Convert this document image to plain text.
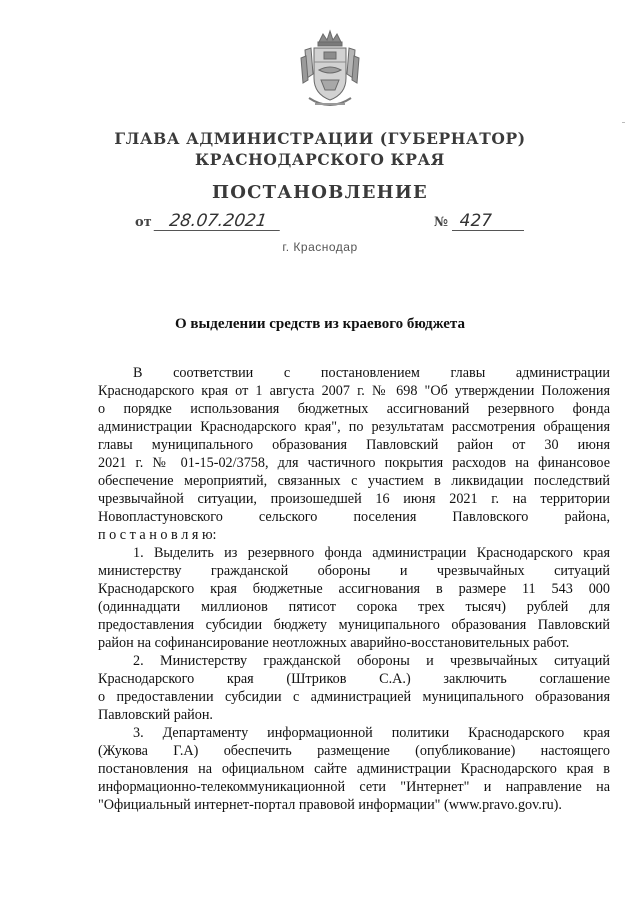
ГЛАВА АДМИНИСТРАЦИИ (ГУБЕРНАТОР)
КРАСНОДАРСКОГО КРАЯ
ПОСТАНОВЛЕНИЕ
от 28.07.2021	№ 427
г. Краснодар
О выделении средств из краевого бюджета
В соответствии с постановлением главы администрации
Краснодарского края от 1 августа 2007 г. № 698 "Об утверждении Положения
о порядке использования бюджетных ассигнований резервного фонда
администрации Краснодарского края", по результатам рассмотрения обращения
главы муниципального образования Павловский район от 30 июня
2021 г. № 01-15-02/3758, для частичного покрытия расходов на финансовое
обеспечение мероприятий, связанных с участием в ликвидации последствий
чрезвычайной ситуации, произошедшей 16 июня 2021 г. на территории
Новопластуновского сельского поселения Павловского района,
п о с т а н о в л я ю:
1. Выделить из резервного фонда администрации Краснодарского края
министерству гражданской обороны и чрезвычайных ситуаций
Краснодарского края бюджетные ассигнования в размере 11 543 000
(одиннадцати миллионов пятисот сорока трех тысяч) рублей для
предоставления субсидии бюджету муниципального образования Павловский
район на софинансирование неотложных аварийно-восстановительных работ.
2. Министерству гражданской обороны и чрезвычайных ситуаций
Краснодарского края (Штриков С.А.) заключить соглашение
о предоставлении субсидии с администрацией муниципального образования
Павловский район.
3. Департаменту информационной политики Краснодарского края
(Жукова Г.А) обеспечить размещение (опубликование) настоящего
постановления на официальном сайте администрации Краснодарского края в
информационно-телекоммуникационной сети "Интернет" и направление на
"Официальный интернет-портал правовой информации" (www.pravo.gov.ru).
